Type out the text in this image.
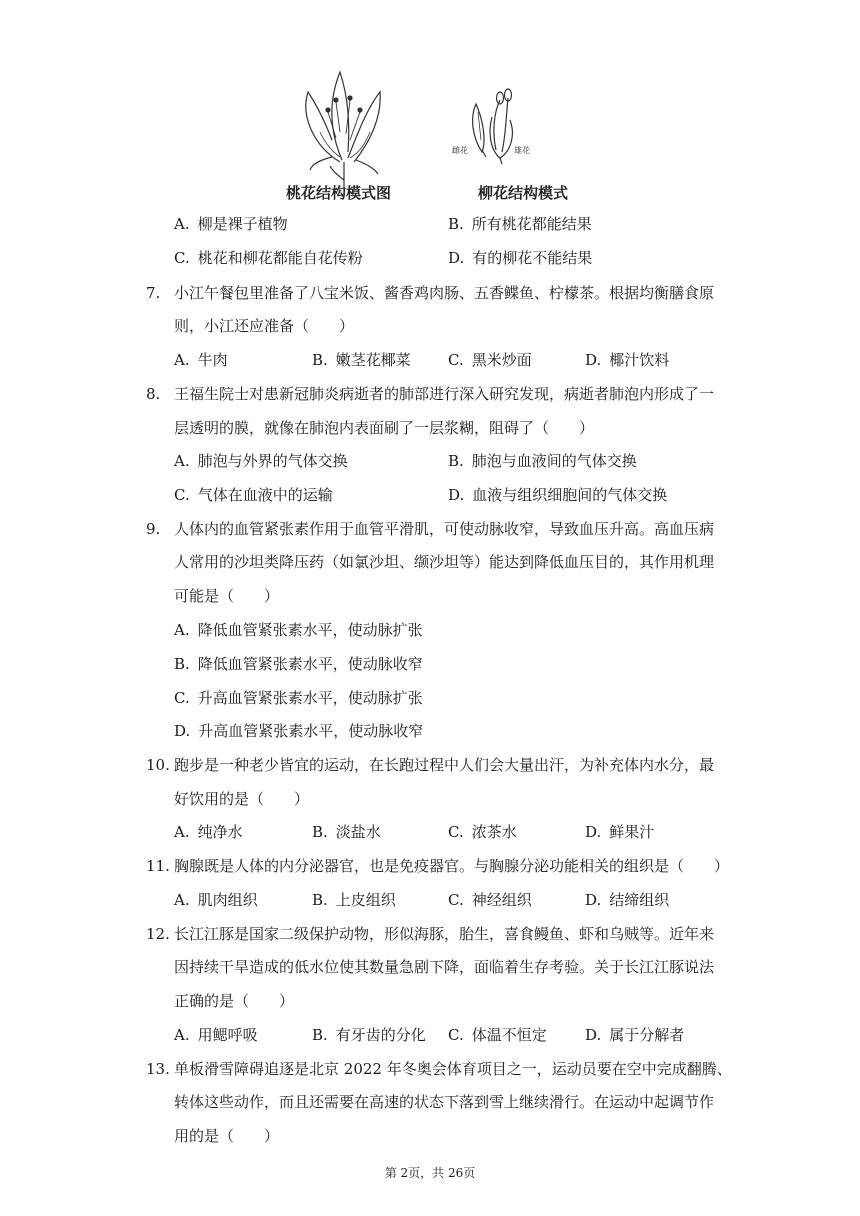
雌花	雄花
桃花结构模式图	柳花结构模式
A. 柳是裸子植物	B. 所有桃花都能结果
C. 桃花和柳花都能自花传粉	D. 有的柳花不能结果
7. 小江午餐包里准备了八宝米饭、酱香鸡肉肠、五香鲽鱼、柠檬茶。根据均衡膳食原
则，小江还应准备（　　）
A. 牛肉	B. 嫩茎花椰菜 C. 黑米炒面	D. 椰汁饮料
8. 王福生院士对患新冠肺炎病逝者的肺部进行深入研究发现，病逝者肺泡内形成了一
层透明的膜，就像在肺泡内表面刷了一层浆糊，阻碍了（　　）
A. 肺泡与外界的气体交换	B. 肺泡与血液间的气体交换
C. 气体在血液中的运输	D. 血液与组织细胞间的气体交换
9. 人体内的血管紧张素作用于血管平滑肌，可使动脉收窄，导致血压升高。高血压病
人常用的沙坦类降压药（如氯沙坦、缬沙坦等）能达到降低血压目的，其作用机理
可能是（　　）
A. 降低血管紧张素水平，使动脉扩张
B. 降低血管紧张素水平，使动脉收窄
C. 升高血管紧张素水平，使动脉扩张
D. 升高血管紧张素水平，使动脉收窄
10. 跑步是一种老少皆宜的运动，在长跑过程中人们会大量出汗，为补充体内水分，最
好饮用的是（　　）
A. 纯净水	B. 淡盐水	C. 浓茶水	D. 鲜果汁
11. 胸腺既是人体的内分泌器官，也是免疫器官。与胸腺分泌功能相关的组织是（　　）
A. 肌肉组织	B. 上皮组织	C. 神经组织	D. 结缔组织
12. 长江江豚是国家二级保护动物，形似海豚，胎生，喜食鳗鱼、虾和乌贼等。近年来
因持续干旱造成的低水位使其数量急剧下降，面临着生存考验。关于长江江豚说法
正确的是（　　）
A. 用鳃呼吸	B. 有牙齿的分化 C. 体温不恒定	D. 属于分解者
13. 单板滑雪障碍追逐是北京 2022 年冬奥会体育项目之一，运动员要在空中完成翻腾、
转体这些动作，而且还需要在高速的状态下落到雪上继续滑行。在运动中起调节作
用的是（　　）
第 2页，共 26页
